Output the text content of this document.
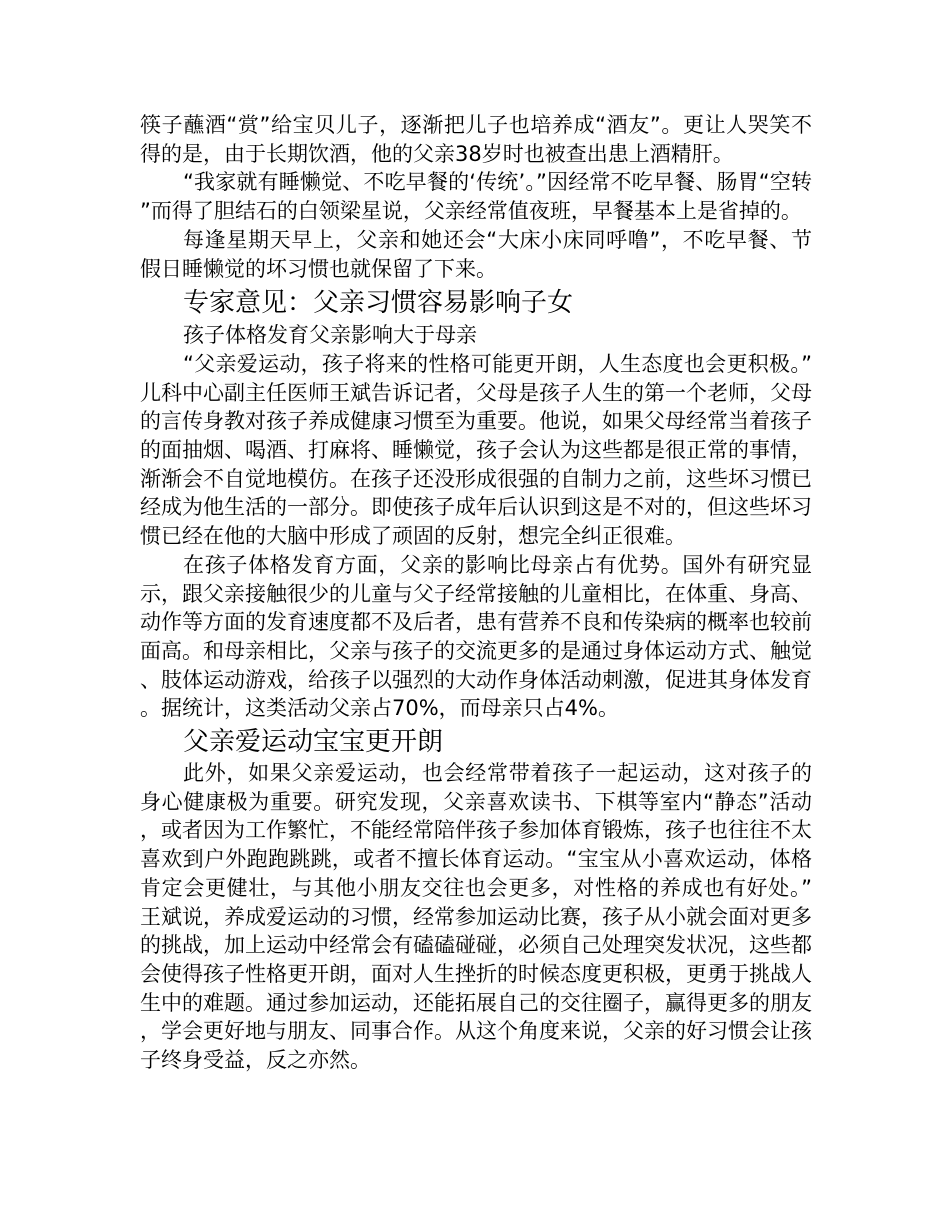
筷子蘸酒“赏”给宝贝儿子，逐渐把儿子也培养成“酒友”。更让人哭笑不得的是，由于长期饮酒，他的父亲38岁时也被查出患上酒精肝。

“我家就有睡懒觉、不吃早餐的‘传统’。”因经常不吃早餐、肠胃“空转”而得了胆结石的白领梁星说，父亲经常值夜班，早餐基本上是省掉的。

每逢星期天早上，父亲和她还会“大床小床同呼噜”，不吃早餐、节假日睡懒觉的坏习惯也就保留了下来。

专家意见：父亲习惯容易影响子女
孩子体格发育父亲影响大于母亲

“父亲爱运动，孩子将来的性格可能更开朗，人生态度也会更积极。”儿科中心副主任医师王斌告诉记者，父母是孩子人生的第一个老师，父母的言传身教对孩子养成健康习惯至为重要。他说，如果父母经常当着孩子的面抽烟、喝酒、打麻将、睡懒觉，孩子会认为这些都是很正常的事情，渐渐会不自觉地模仿。在孩子还没形成很强的自制力之前，这些坏习惯已经成为他生活的一部分。即使孩子成年后认识到这是不对的，但这些坏习惯已经在他的大脑中形成了顽固的反射，想完全纠正很难。

在孩子体格发育方面，父亲的影响比母亲占有优势。国外有研究显示，跟父亲接触很少的儿童与父子经常接触的儿童相比，在体重、身高、动作等方面的发育速度都不及后者，患有营养不良和传染病的概率也较前面高。和母亲相比，父亲与孩子的交流更多的是通过身体运动方式、触觉、肢体运动游戏，给孩子以强烈的大动作身体活动刺激，促进其身体发育。据统计，这类活动父亲占70%，而母亲只占4%。

父亲爱运动宝宝更开朗

此外，如果父亲爱运动，也会经常带着孩子一起运动，这对孩子的身心健康极为重要。研究发现，父亲喜欢读书、下棋等室内“静态”活动，或者因为工作繁忙，不能经常陪伴孩子参加体育锻炼，孩子也往往不太喜欢到户外跑跑跳跳，或者不擅长体育运动。“宝宝从小喜欢运动，体格肯定会更健壮，与其他小朋友交往也会更多，对性格的养成也有好处。”王斌说，养成爱运动的习惯，经常参加运动比赛，孩子从小就会面对更多的挑战，加上运动中经常会有磕磕碰碰，必须自己处理突发状况，这些都会使得孩子性格更开朗，面对人生挫折的时候态度更积极，更勇于挑战人生中的难题。通过参加运动，还能拓展自己的交往圈子，赢得更多的朋友，学会更好地与朋友、同事合作。从这个角度来说，父亲的好习惯会让孩子终身受益，反之亦然。
